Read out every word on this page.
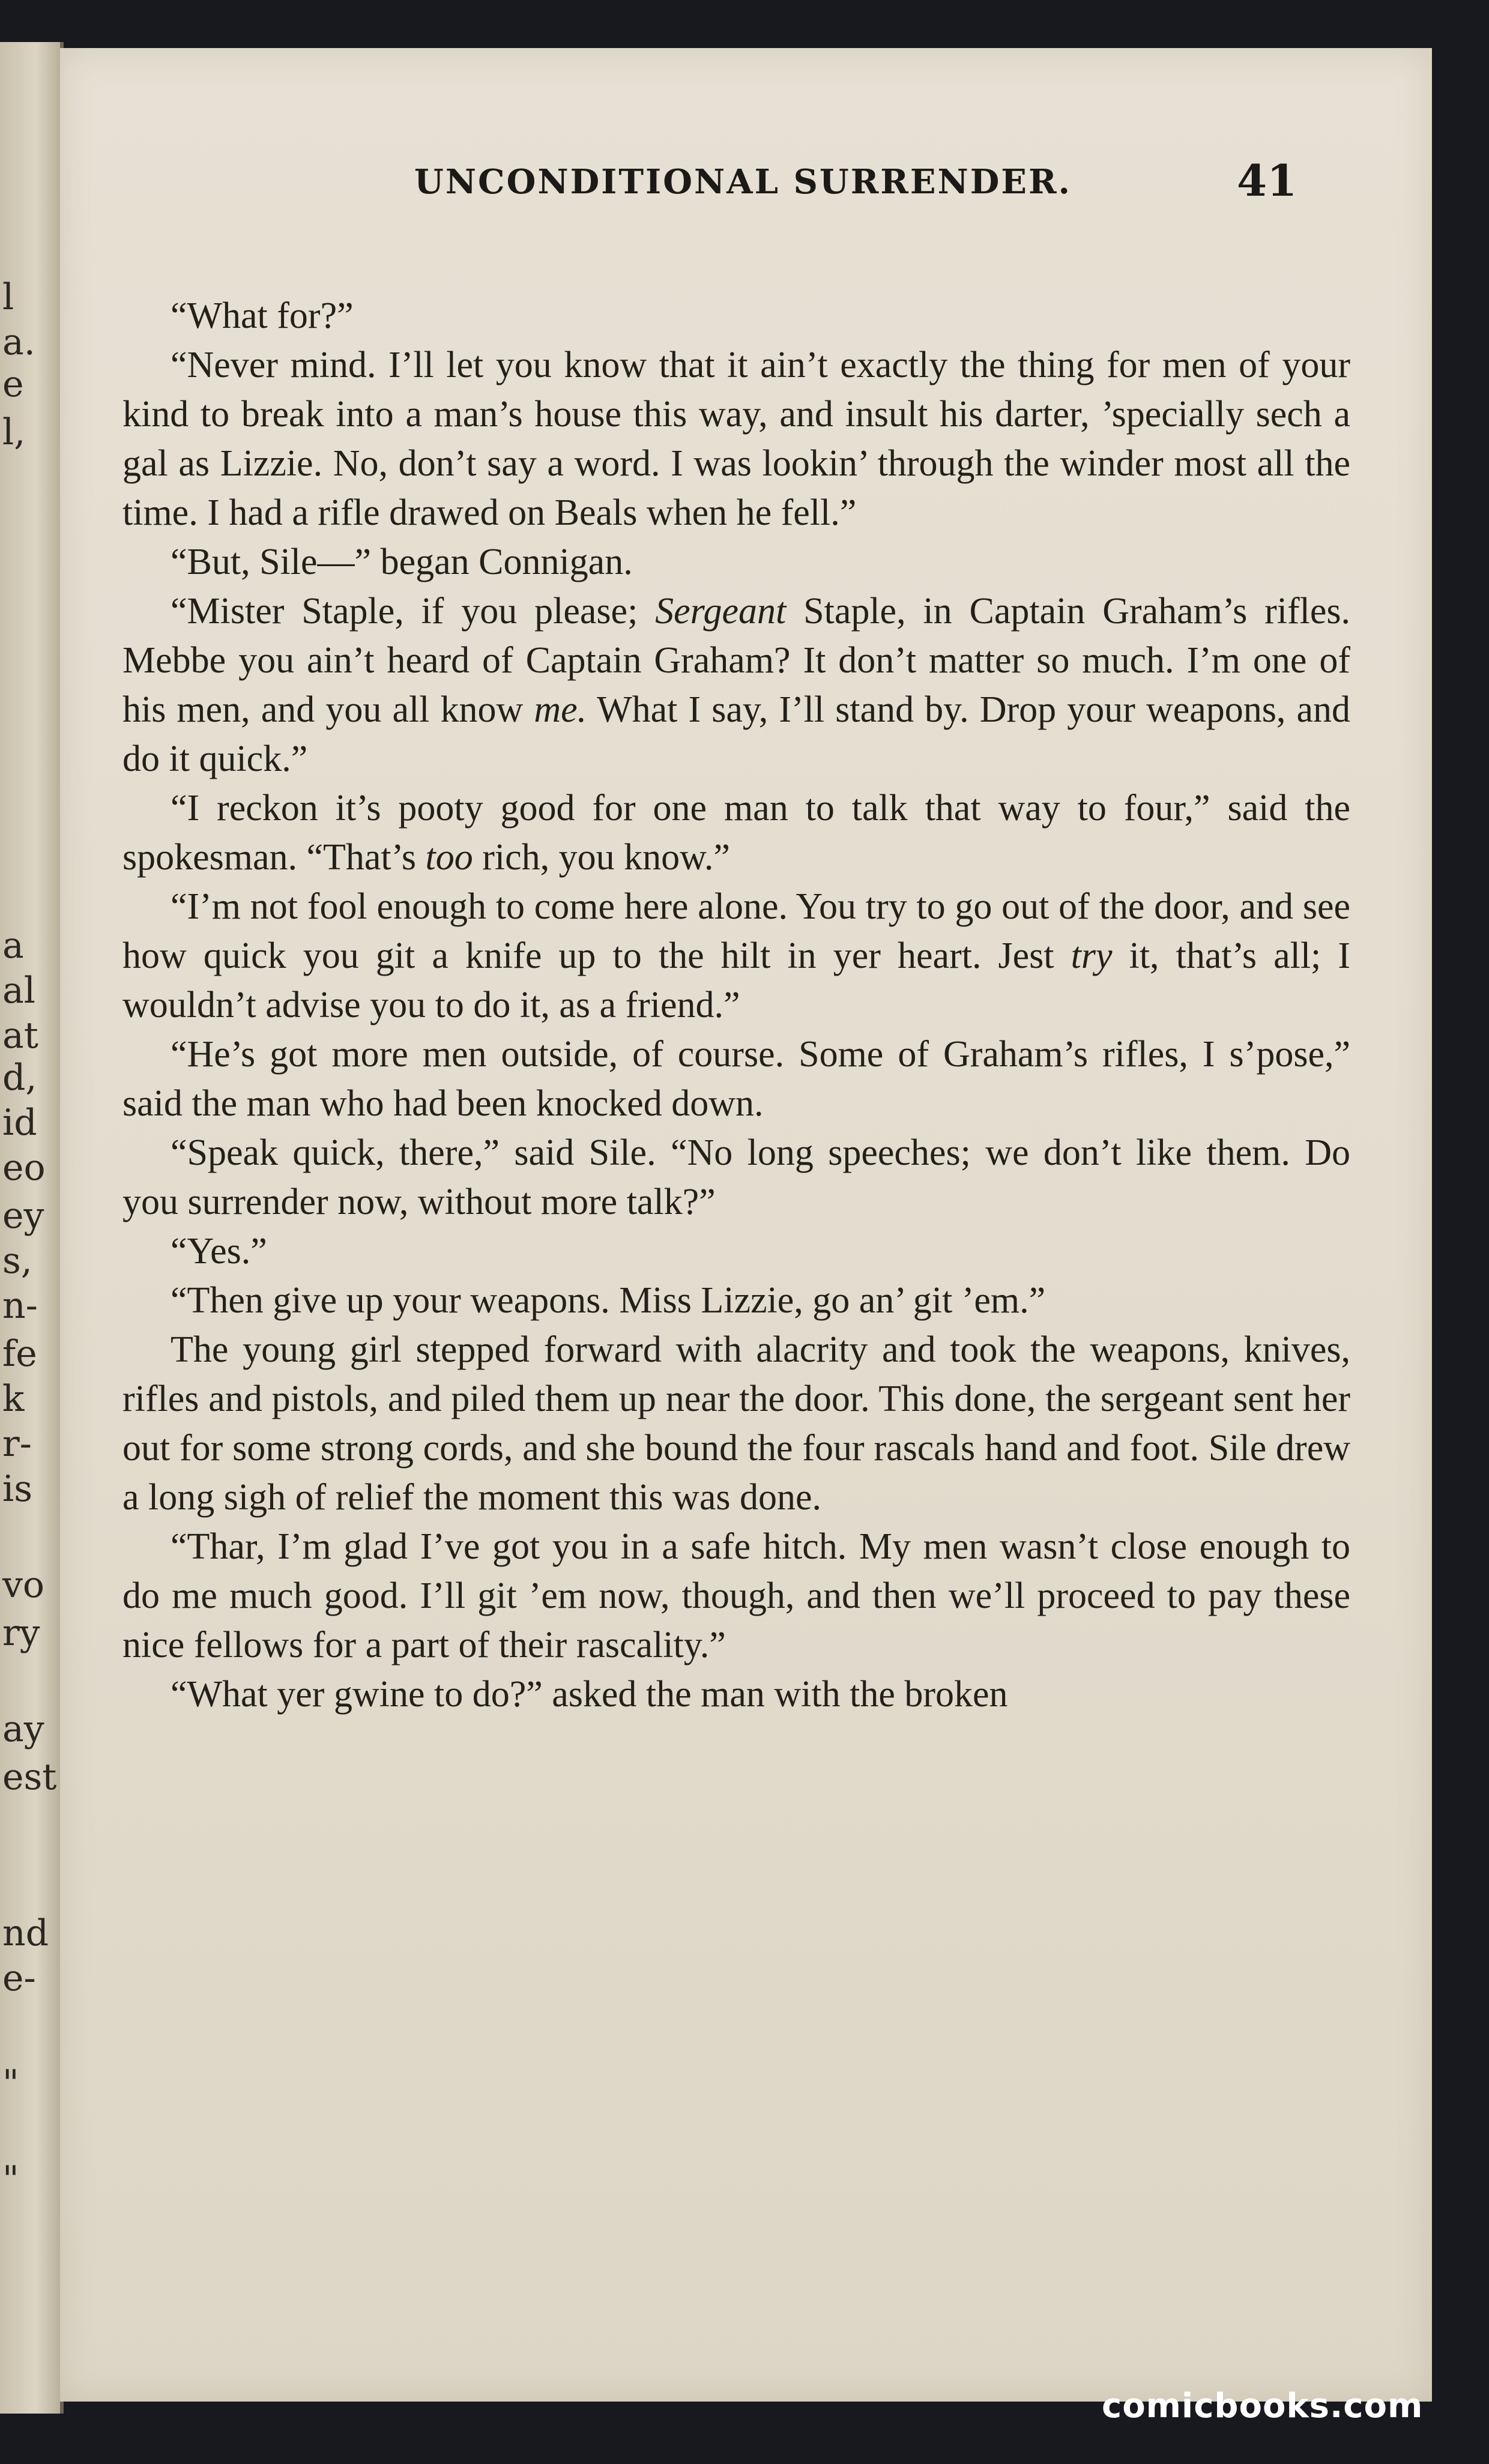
l
a.
e
l,
a
al
at
d,
id
eo
ey
s,
n-
fe
k
r-
is
vo
ry
ay
est
nd
e-
"
"
UNCONDITIONAL SURRENDER.	41

“What for?”

“Never mind. I’ll let you know that it ain’t exactly the thing for men of your kind to break into a man’s house this way, and insult his darter, ’specially sech a gal as Lizzie. No, don’t say a word. I was lookin’ through the winder most all the time. I had a rifle drawed on Beals when he fell.”

“But, Sile—” began Connigan.

“Mister Staple, if you please; Sergeant Staple, in Captain Graham’s rifles. Mebbe you ain’t heard of Captain Graham? It don’t matter so much. I’m one of his men, and you all know me. What I say, I’ll stand by. Drop your weapons, and do it quick.”

“I reckon it’s pooty good for one man to talk that way to four,” said the spokesman. “That’s too rich, you know.”

“I’m not fool enough to come here alone. You try to go out of the door, and see how quick you git a knife up to the hilt in yer heart. Jest try it, that’s all; I wouldn’t advise you to do it, as a friend.”

“He’s got more men outside, of course. Some of Graham’s rifles, I s’pose,” said the man who had been knocked down.

“Speak quick, there,” said Sile. “No long speeches; we don’t like them. Do you surrender now, without more talk?”

“Yes.”

“Then give up your weapons. Miss Lizzie, go an’ git ’em.”

The young girl stepped forward with alacrity and took the weapons, knives, rifles and pistols, and piled them up near the door. This done, the sergeant sent her out for some strong cords, and she bound the four rascals hand and foot. Sile drew a long sigh of relief the moment this was done.

“Thar, I’m glad I’ve got you in a safe hitch. My men wasn’t close enough to do me much good. I’ll git ’em now, though, and then we’ll proceed to pay these nice fellows for a part of their rascality.”

“What yer gwine to do?” asked the man with the broken

comicbooks.com
